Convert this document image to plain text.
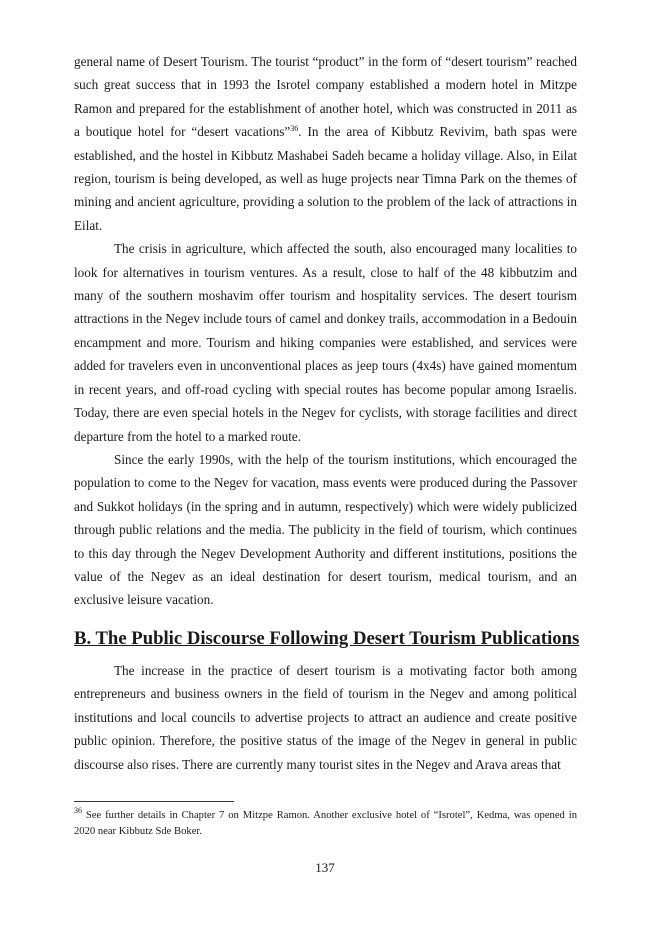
general name of Desert Tourism. The tourist “product” in the form of “desert tourism” reached such great success that in 1993 the Isrotel company established a modern hotel in Mitzpe Ramon and prepared for the establishment of another hotel, which was constructed in 2011 as a boutique hotel for “desert vacations”$^{36}$. In the area of Kibbutz Revivim, bath spas were established, and the hostel in Kibbutz Mashabei Sadeh became a holiday village. Also, in Eilat region, tourism is being developed, as well as huge projects near Timna Park on the themes of mining and ancient agriculture, providing a solution to the problem of the lack of attractions in Eilat.

The crisis in agriculture, which affected the south, also encouraged many localities to look for alternatives in tourism ventures. As a result, close to half of the 48 kibbutzim and many of the southern moshavim offer tourism and hospitality services. The desert tourism attractions in the Negev include tours of camel and donkey trails, accommodation in a Bedouin encampment and more. Tourism and hiking companies were established, and services were added for travelers even in unconventional places as jeep tours (4x4s) have gained momentum in recent years, and off-road cycling with special routes has become popular among Israelis. Today, there are even special hotels in the Negev for cyclists, with storage facilities and direct departure from the hotel to a marked route.

Since the early 1990s, with the help of the tourism institutions, which encouraged the population to come to the Negev for vacation, mass events were produced during the Passover and Sukkot holidays (in the spring and in autumn, respectively) which were widely publicized through public relations and the media. The publicity in the field of tourism, which continues to this day through the Negev Development Authority and different institutions, positions the value of the Negev as an ideal destination for desert tourism, medical tourism, and an exclusive leisure vacation.

B. The Public Discourse Following Desert Tourism Publications

The increase in the practice of desert tourism is a motivating factor both among entrepreneurs and business owners in the field of tourism in the Negev and among political institutions and local councils to advertise projects to attract an audience and create positive public opinion. Therefore, the positive status of the image of the Negev in general in public discourse also rises. There are currently many tourist sites in the Negev and Arava areas that

$^{36}$ See further details in Chapter 7 on Mitzpe Ramon. Another exclusive hotel of “Isrotel”, Kedma, was opened in 2020 near Kibbutz Sde Boker.
137
